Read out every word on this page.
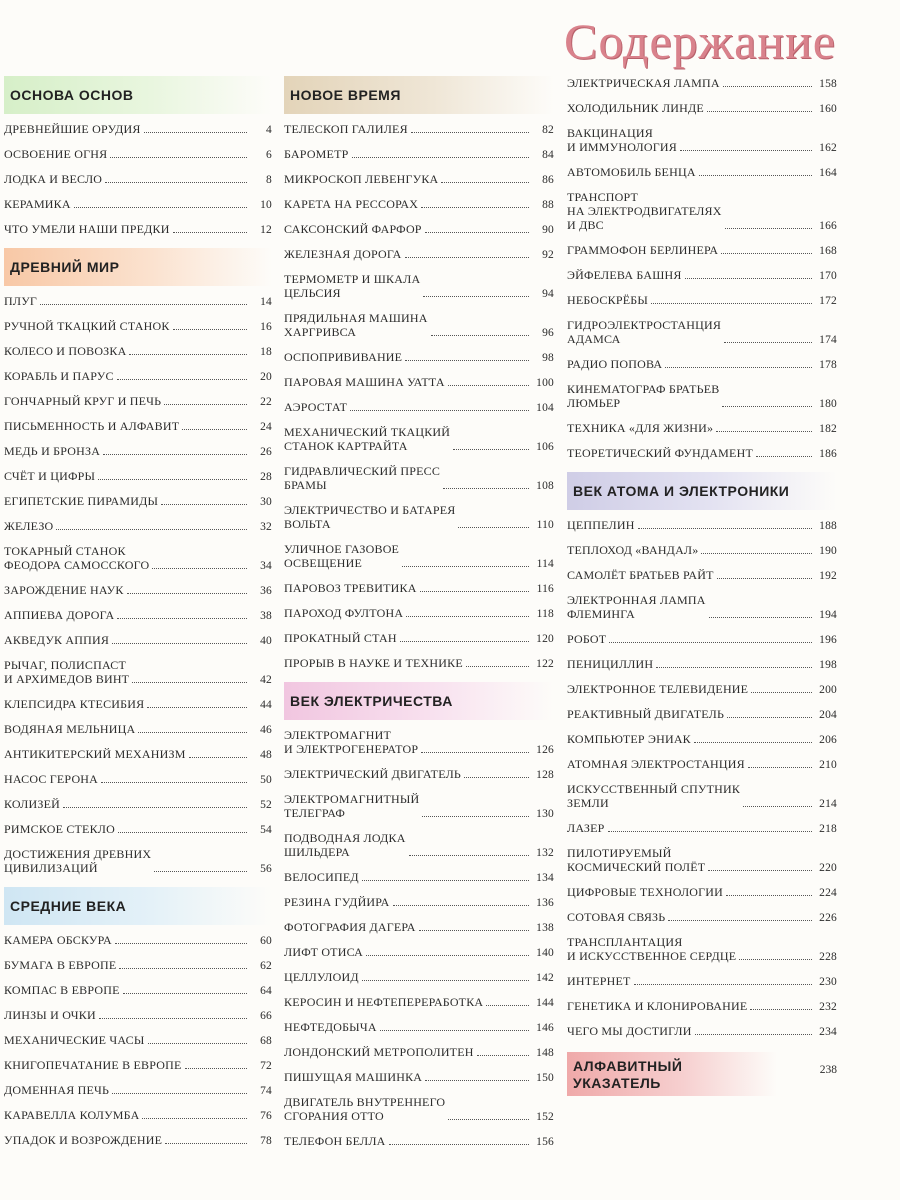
Содержание
ОСНОВА ОСНОВ
ДРЕВНЕЙШИЕ ОРУДИЯ	4
ОСВОЕНИЕ ОГНЯ	6
ЛОДКА И ВЕСЛО	8
КЕРАМИКА	10
ЧТО УМЕЛИ НАШИ ПРЕДКИ	12
ДРЕВНИЙ МИР
ПЛУГ	14
РУЧНОЙ ТКАЦКИЙ СТАНОК	16
КОЛЕСО И ПОВОЗКА	18
КОРАБЛЬ И ПАРУС	20
ГОНЧАРНЫЙ КРУГ И ПЕЧЬ	22
ПИСЬМЕННОСТЬ И АЛФАВИТ	24
МЕДЬ И БРОНЗА	26
СЧЁТ И ЦИФРЫ	28
ЕГИПЕТСКИЕ ПИРАМИДЫ	30
ЖЕЛЕЗО	32
ТОКАРНЫЙ СТАНОК
ФЕОДОРА САМОССКОГО	34
ЗАРОЖДЕНИЕ НАУК	36
АППИЕВА ДОРОГА	38
АКВЕДУК АППИЯ	40
РЫЧАГ, ПОЛИСПАСТ
И АРХИМЕДОВ ВИНТ	42
КЛЕПСИДРА КТЕСИБИЯ	44
ВОДЯНАЯ МЕЛЬНИЦА	46
АНТИКИТЕРСКИЙ МЕХАНИЗМ	48
НАСОС ГЕРОНА	50
КОЛИЗЕЙ	52
РИМСКОЕ СТЕКЛО	54
ДОСТИЖЕНИЯ ДРЕВНИХ
ЦИВИЛИЗАЦИЙ	56
СРЕДНИЕ ВЕКА
КАМЕРА ОБСКУРА	60
БУМАГА В ЕВРОПЕ	62
КОМПАС В ЕВРОПЕ	64
ЛИНЗЫ И ОЧКИ	66
МЕХАНИЧЕСКИЕ ЧАСЫ	68
КНИГОПЕЧАТАНИЕ В ЕВРОПЕ	72
ДОМЕННАЯ ПЕЧЬ	74
КАРАВЕЛЛА КОЛУМБА	76
УПАДОК И ВОЗРОЖДЕНИЕ	78
НОВОЕ ВРЕМЯ
ТЕЛЕСКОП ГАЛИЛЕЯ	82
БАРОМЕТР	84
МИКРОСКОП ЛЕВЕНГУКА	86
КАРЕТА НА РЕССОРАХ	88
САКСОНСКИЙ ФАРФОР	90
ЖЕЛЕЗНАЯ ДОРОГА	92
ТЕРМОМЕТР И ШКАЛА
ЦЕЛЬСИЯ	94
ПРЯДИЛЬНАЯ МАШИНА
ХАРГРИВСА	96
ОСПОПРИВИВАНИЕ	98
ПАРОВАЯ МАШИНА УАТТА	100
АЭРОСТАТ	104
МЕХАНИЧЕСКИЙ ТКАЦКИЙ
СТАНОК КАРТРАЙТА	106
ГИДРАВЛИЧЕСКИЙ ПРЕСС
БРАМЫ	108
ЭЛЕКТРИЧЕСТВО И БАТАРЕЯ
ВОЛЬТА	110
УЛИЧНОЕ ГАЗОВОЕ
ОСВЕЩЕНИЕ	114
ПАРОВОЗ ТРЕВИТИКА	116
ПАРОХОД ФУЛТОНА	118
ПРОКАТНЫЙ СТАН	120
ПРОРЫВ В НАУКЕ И ТЕХНИКЕ	122
ВЕК ЭЛЕКТРИЧЕСТВА
ЭЛЕКТРОМАГНИТ
И ЭЛЕКТРОГЕНЕРАТОР	126
ЭЛЕКТРИЧЕСКИЙ ДВИГАТЕЛЬ	128
ЭЛЕКТРОМАГНИТНЫЙ
ТЕЛЕГРАФ	130
ПОДВОДНАЯ ЛОДКА
ШИЛЬДЕРА	132
ВЕЛОСИПЕД	134
РЕЗИНА ГУДЙИРА	136
ФОТОГРАФИЯ ДАГЕРА	138
ЛИФТ ОТИСА	140
ЦЕЛЛУЛОИД	142
КЕРОСИН И НЕФТЕПЕРЕРАБОТКА	144
НЕФТЕДОБЫЧА	146
ЛОНДОНСКИЙ МЕТРОПОЛИТЕН	148
ПИШУЩАЯ МАШИНКА	150
ДВИГАТЕЛЬ ВНУТРЕННЕГО
СГОРАНИЯ ОТТО	152
ТЕЛЕФОН БЕЛЛА	156
ЭЛЕКТРИЧЕСКАЯ ЛАМПА	158
ХОЛОДИЛЬНИК ЛИНДЕ	160
ВАКЦИНАЦИЯ
И ИММУНОЛОГИЯ	162
АВТОМОБИЛЬ БЕНЦА	164
ТРАНСПОРТ
НА ЭЛЕКТРОДВИГАТЕЛЯХ
И ДВС	166
ГРАММОФОН БЕРЛИНЕРА	168
ЭЙФЕЛЕВА БАШНЯ	170
НЕБОСКРЁБЫ	172
ГИДРОЭЛЕКТРОСТАНЦИЯ
АДАМСА	174
РАДИО ПОПОВА	178
КИНЕМАТОГРАФ БРАТЬЕВ
ЛЮМЬЕР	180
ТЕХНИКА «ДЛЯ ЖИЗНИ»	182
ТЕОРЕТИЧЕСКИЙ ФУНДАМЕНТ	186
ВЕК АТОМА И ЭЛЕКТРОНИКИ
ЦЕППЕЛИН	188
ТЕПЛОХОД «ВАНДАЛ»	190
САМОЛЁТ БРАТЬЕВ РАЙТ	192
ЭЛЕКТРОННАЯ ЛАМПА
ФЛЕМИНГА	194
РОБОТ	196
ПЕНИЦИЛЛИН	198
ЭЛЕКТРОННОЕ ТЕЛЕВИДЕНИЕ	200
РЕАКТИВНЫЙ ДВИГАТЕЛЬ	204
КОМПЬЮТЕР ЭНИАК	206
АТОМНАЯ ЭЛЕКТРОСТАНЦИЯ	210
ИСКУССТВЕННЫЙ СПУТНИК
ЗЕМЛИ	214
ЛАЗЕР	218
ПИЛОТИРУЕМЫЙ
КОСМИЧЕСКИЙ ПОЛЁТ	220
ЦИФРОВЫЕ ТЕХНОЛОГИИ	224
СОТОВАЯ СВЯЗЬ	226
ТРАНСПЛАНТАЦИЯ
И ИСКУССТВЕННОЕ СЕРДЦЕ	228
ИНТЕРНЕТ	230
ГЕНЕТИКА И КЛОНИРОВАНИЕ	232
ЧЕГО МЫ ДОСТИГЛИ	234
АЛФАВИТНЫЙ
УКАЗАТЕЛЬ
238
